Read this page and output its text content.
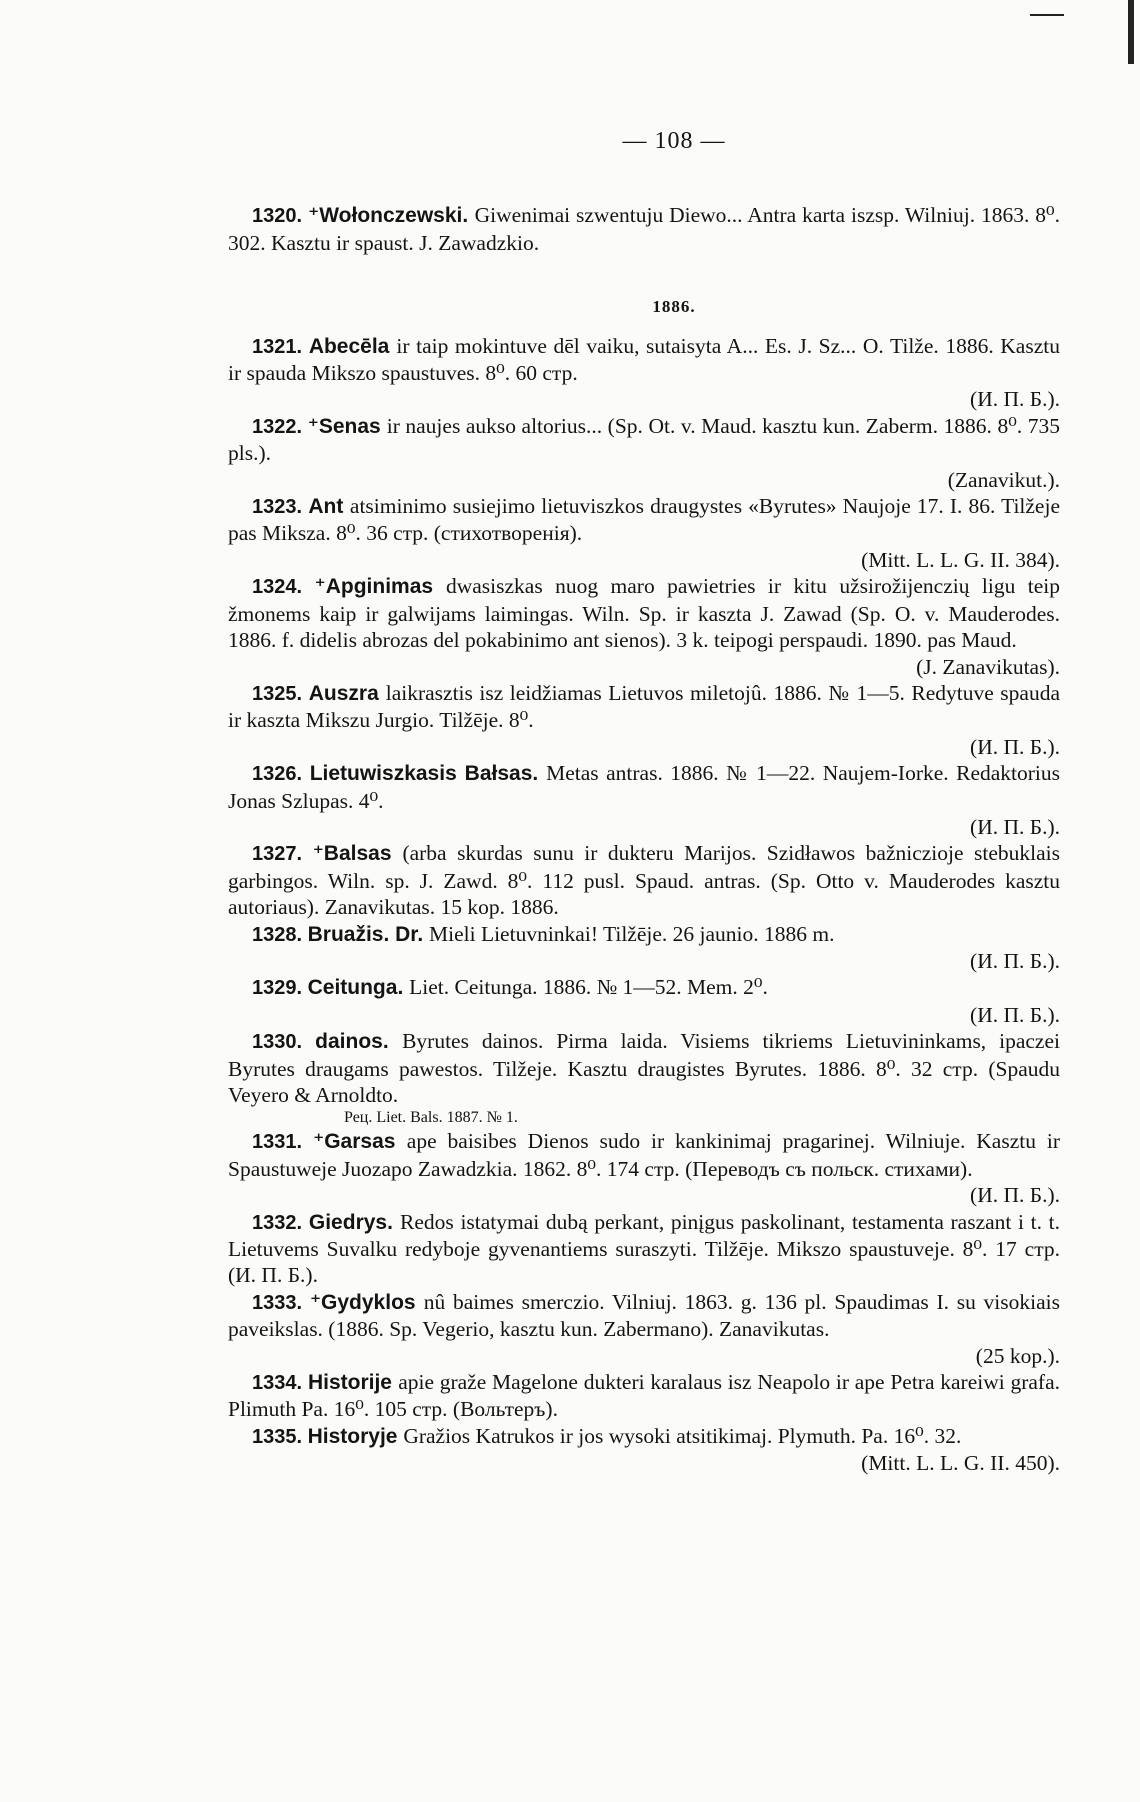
— 108 —

1320. ⁺Wołonczewski. Giwenimai szwentuju Diewo... Antra karta iszsp. Wilniuj. 1863. 8⁰. 302. Kasztu ir spaust. J. Zawadzkio.

1886.

1321. Abecēla ir taip mokintuve dēl vaiku, sutaisyta A... Es. J. Sz... O. Tilže. 1886. Kasztu ir spauda Mikszo spaustuves. 8⁰. 60 стр.

(И. П. Б.).

1322. ⁺Senas ir naujes aukso altorius... (Sp. Ot. v. Maud. kasztu kun. Zaberm. 1886. 8⁰. 735 pls.).

(Zanavikut.).

1323. Ant atsiminimo susiejimo lietuviszkos draugystes «Byrutes» Naujoje 17. I. 86. Tilžeje pas Miksza. 8⁰. 36 стр. (стихотворенія).

(Mitt. L. L. G. II. 384).

1324. ⁺Apginimas dwasiszkas nuog maro pawietries ir kitu užsirožijenczių ligu teip žmonems kaip ir galwijams laimingas. Wiln. Sp. ir kaszta J. Zawad (Sp. O. v. Mauderodes. 1886. f. didelis abrozas del pokabinimo ant sienos). 3 k. teipogi perspaudi. 1890. pas Maud.

(J. Zanavikutas).

1325. Auszra laikrasztis isz leidžiamas Lietuvos miletojû. 1886. № 1—5. Redytuve spauda ir kaszta Mikszu Jurgio. Tilžēje. 8⁰.

(И. П. Б.).

1326. Lietuwiszkasis Bałsas. Metas antras. 1886. № 1—22. Naujem-Iorke. Redaktorius Jonas Szlupas. 4⁰.

(И. П. Б.).

1327. ⁺Balsas (arba skurdas sunu ir dukteru Marijos. Szidławos bažniczioje stebuklais garbingos. Wiln. sp. J. Zawd. 8⁰. 112 pusl. Spaud. antras. (Sp. Otto v. Mauderodes kasztu autoriaus). Zanavikutas. 15 kop. 1886.

1328. Bruažis. Dr. Mieli Lietuvninkai! Tilžēje. 26 jaunio. 1886 m.

(И. П. Б.).

1329. Ceitunga. Liet. Ceitunga. 1886. № 1—52. Mem. 2⁰.

(И. П. Б.).

1330. dainos. Byrutes dainos. Pirma laida. Visiems tikriems Lietuvininkams, ipaczei Byrutes draugams pawestos. Tilžeje. Kasztu draugistes Byrutes. 1886. 8⁰. 32 стр. (Spaudu Veyero & Arnoldto.

Рец. Liet. Bals. 1887. № 1.

1331. ⁺Garsas ape baisibes Dienos sudo ir kankinimaj pragarinej. Wilniuje. Kasztu ir Spaustuweje Juozapo Zawadzkia. 1862. 8⁰. 174 стр. (Переводъ съ польск. стихами).

(И. П. Б.).

1332. Giedrys. Redos istatymai dubą perkant, pinįgus paskolinant, testamenta raszant i t. t. Lietuvems Suvalku redyboje gyvenantiems suraszyti. Tilžēje. Mikszo spaustuveje. 8⁰. 17 стр. (И. П. Б.).

1333. ⁺Gydyklos nû baimes smerczio. Vilniuj. 1863. g. 136 pl. Spaudimas I. su visokiais paveikslas. (1886. Sp. Vegerio, kasztu kun. Zabermano). Zanavikutas.

(25 kop.).

1334. Historije apie graže Magelone dukteri karalaus isz Neapolo ir ape Petra kareiwi grafa. Plimuth Pa. 16⁰. 105 стр. (Вольтеръ).

1335. Historyje Gražios Katrukos ir jos wysoki atsitikimaj. Plymuth. Pa. 16⁰. 32.

(Mitt. L. L. G. II. 450).
